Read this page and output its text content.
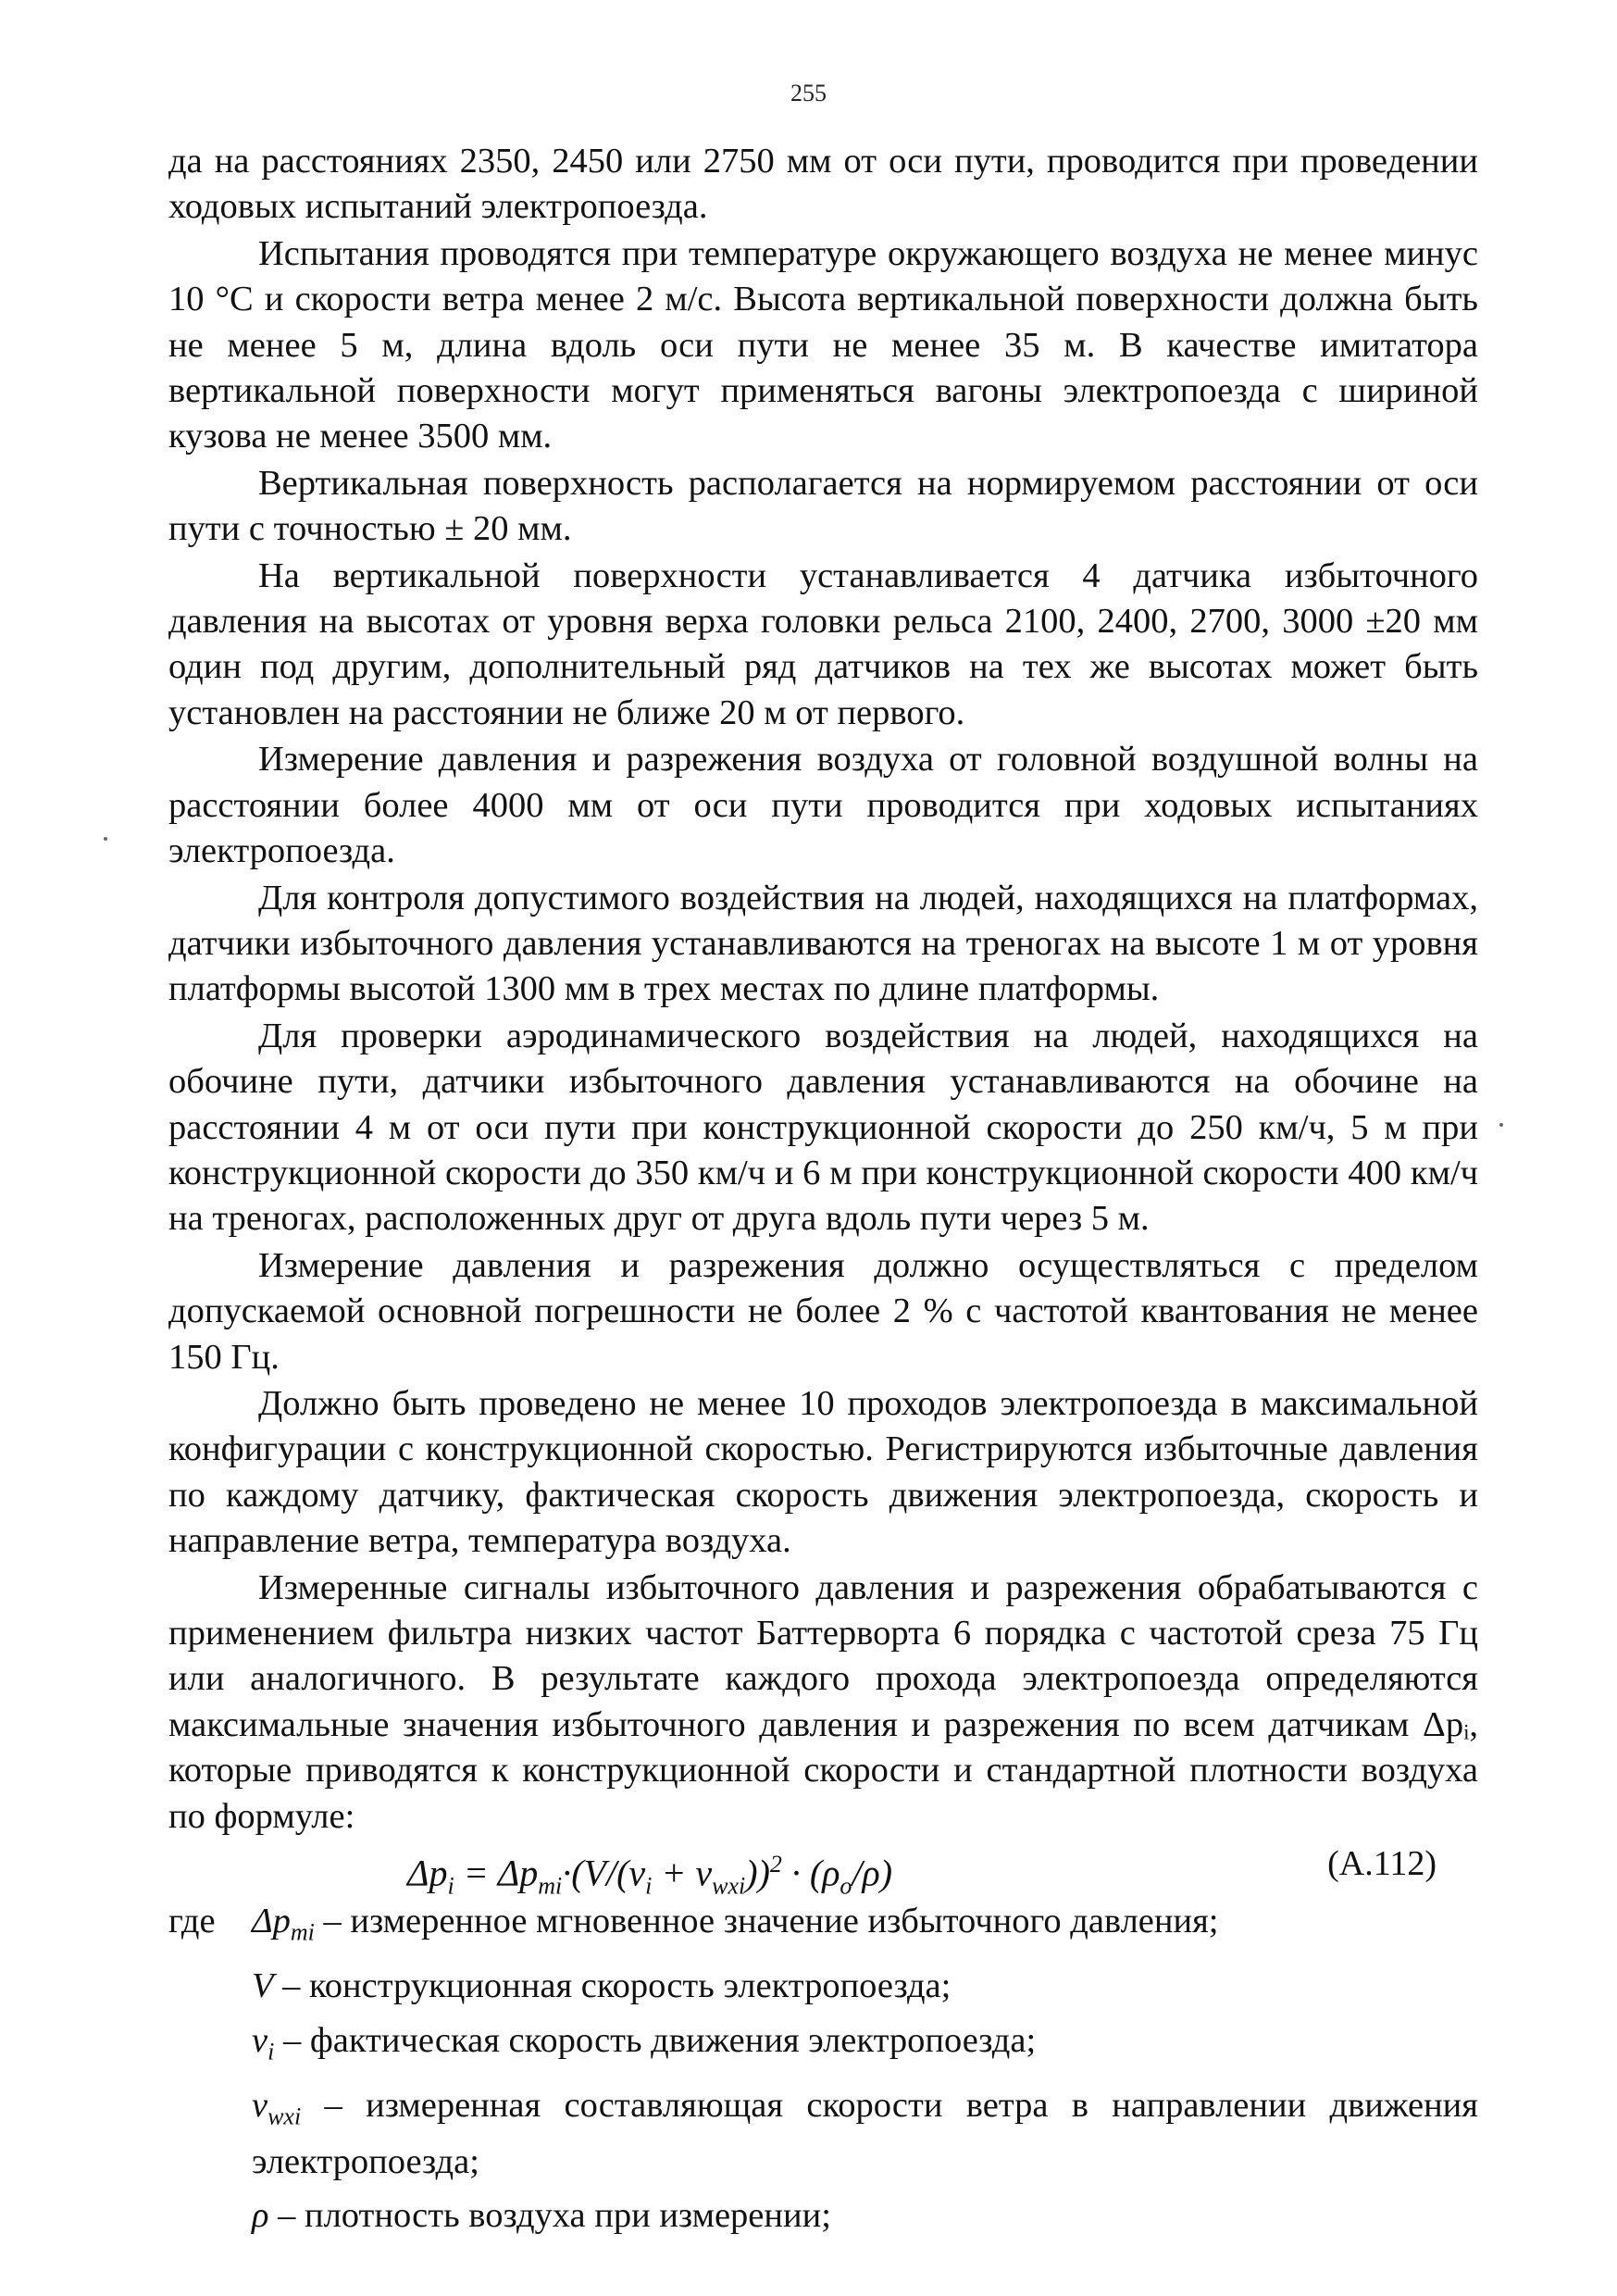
255

да на расстояниях 2350, 2450 или 2750 мм от оси пути, проводится при проведении ходовых испытаний электропоезда.

Испытания проводятся при температуре окружающего воздуха не менее минус 10 °С и скорости ветра менее 2 м/с. Высота вертикальной поверхности должна быть не менее 5 м, длина вдоль оси пути не менее 35 м. В качестве имитатора вертикальной поверхности могут применяться вагоны электропоезда с шириной кузова не менее 3500 мм.

Вертикальная поверхность располагается на нормируемом расстоянии от оси пути с точностью ± 20 мм.

На вертикальной поверхности устанавливается 4 датчика избыточного давления на высотах от уровня верха головки рельса 2100, 2400, 2700, 3000 ±20 мм один под другим, дополнительный ряд датчиков на тех же высотах может быть установлен на расстоянии не ближе 20 м от первого.

Измерение давления и разрежения воздуха от головной воздушной волны на расстоянии более 4000 мм от оси пути проводится при ходовых испытаниях электропоезда.

Для контроля допустимого воздействия на людей, находящихся на платформах, датчики избыточного давления устанавливаются на треногах на высоте 1 м от уровня платформы высотой 1300 мм в трех местах по длине платформы.

Для проверки аэродинамического воздействия на людей, находящихся на обочине пути, датчики избыточного давления устанавливаются на обочине на расстоянии 4 м от оси пути при конструкционной скорости до 250 км/ч, 5 м при конструкционной скорости до 350 км/ч и 6 м при конструкционной скорости 400 км/ч на треногах, расположенных друг от друга вдоль пути через 5 м.

Измерение давления и разрежения должно осуществляться с пределом допускаемой основной погрешности не более 2 % с частотой квантования не менее 150 Гц.

Должно быть проведено не менее 10 проходов электропоезда в максимальной конфигурации с конструкционной скоростью. Регистрируются избыточные давления по каждому датчику, фактическая скорость движения электропоезда, скорость и направление ветра, температура воздуха.

Измеренные сигналы избыточного давления и разрежения обрабатываются с применением фильтра низких частот Баттерворта 6 порядка с частотой среза 75 Гц или аналогичного. В результате каждого прохода электропоезда определяются максимальные значения избыточного давления и разрежения по всем датчикам Δpᵢ, которые приводятся к конструкционной скорости и стандартной плотности воздуха по формуле:

$\Delta p_i = \Delta p_{mi}\cdot(V/(v_i + v_{wxi}))^2 \cdot (\rho_o/\rho)$	(А.112)
где $\Delta p_{mi}$ – измеренное мгновенное значение избыточного давления;
V – конструкционная скорость электропоезда;
$v_i$ – фактическая скорость движения электропоезда;
$v_{wxi}$ – измеренная составляющая скорости ветра в направлении движения электропоезда;
ρ – плотность воздуха при измерении;
